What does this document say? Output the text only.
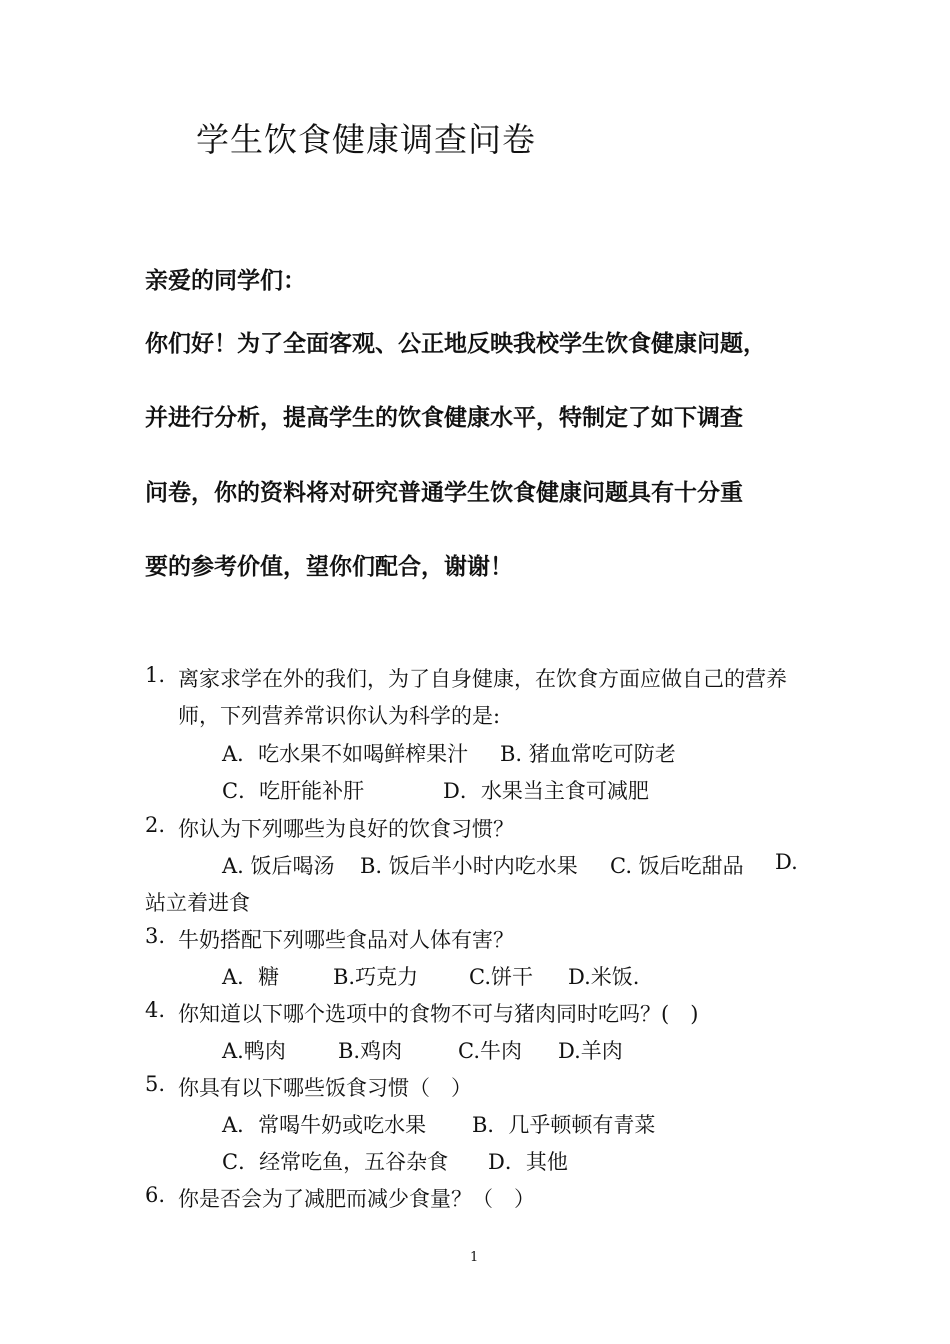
学生饮食健康调查问卷
亲爱的同学们：
你们好！为了全面客观、公正地反映我校学生饮食健康问题，
并进行分析，提高学生的饮食健康水平，特制定了如下调查
问卷，你的资料将对研究普通学生饮食健康问题具有十分重
要的参考价值，望你们配合，谢谢！
1. 离家求学在外的我们，为了自身健康，在饮食方面应做自己的营养
师，下列营养常识你认为科学的是:
A．吃水果不如喝鲜榨果汁 B. 猪血常吃可防老
C．吃肝能补肝	D．水果当主食可减肥
2. 你认为下列哪些为良好的饮食习惯？
A. 饭后喝汤 B. 饭后半小时内吃水果 C. 饭后吃甜品 D.
站立着进食
3. 牛奶搭配下列哪些食品对人体有害？
A．糖	B.巧克力 C.饼干 D.米饭.
4. 你知道以下哪个选项中的食物不可与猪肉同时吃吗？(　)
A.鸭肉 B.鸡肉	C.牛肉 D.羊肉
5. 你具有以下哪些饭食习惯（　）
A．常喝牛奶或吃水果 B．几乎顿顿有青菜
C．经常吃鱼，五谷杂食 D．其他
6. 你是否会为了减肥而减少食量？（　）
1
